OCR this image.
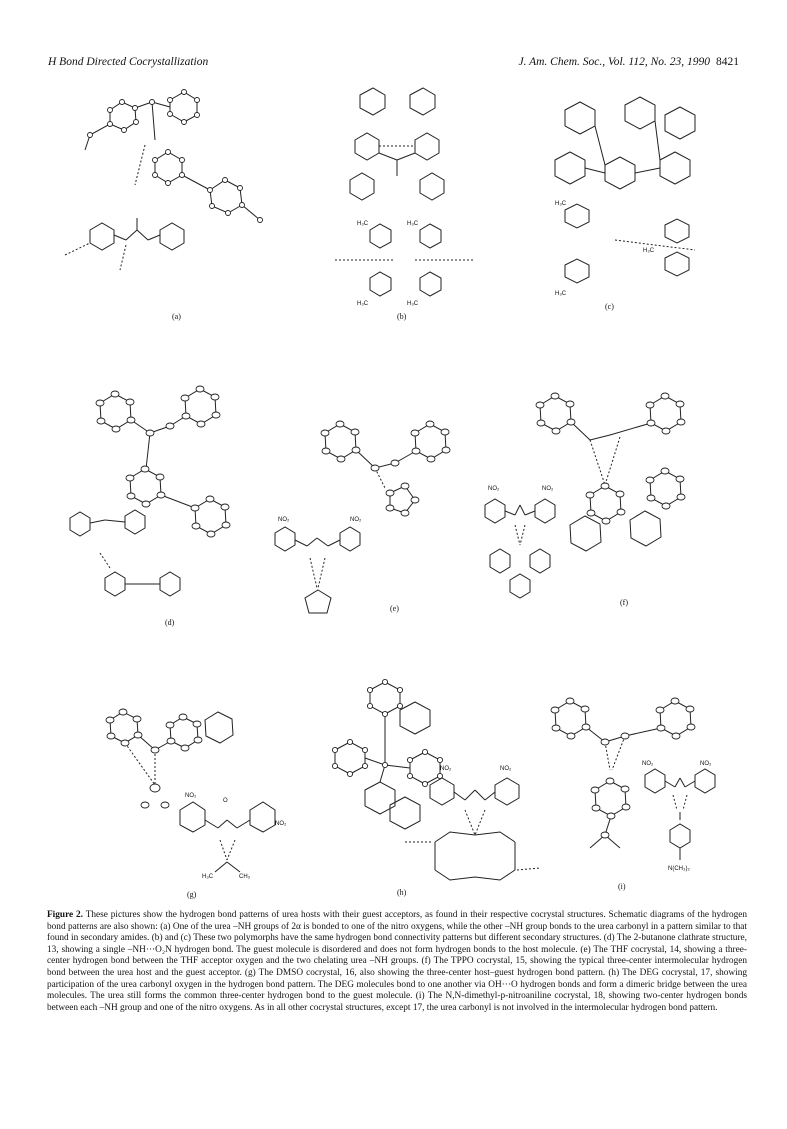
H Bond Directed Cocrystallization	J. Am. Chem. Soc., Vol. 112, No. 23, 1990 8421
(a)
H₃C	H₃C
H₃C	H₃C
(b)
H₃C
H₃C
H₃C
(c)
(d)
NO₂	NO₂
(e)
NO₂	NO₂
(f)
NO₂
NO₂
O
H₃C	CH₃
(g)
NO₂	NO₂
(h)
NO₂	NO₂
N(CH₃)₂
(i)
Figure 2. These pictures show the hydrogen bond patterns of urea hosts with their guest acceptors, as found in their respective cocrystal structures. Schematic diagrams of the hydrogen bond patterns are also shown: (a) One of the urea –NH groups of 2α is bonded to one of the nitro oxygens, while the other –NH group bonds to the urea carbonyl in a pattern similar to that found in secondary amides. (b) and (c) These two polymorphs have the same hydrogen bond connectivity patterns but different secondary structures. (d) The 2-butanone clathrate structure, 13, showing a single –NH···O₂N hydrogen bond. The guest molecule is disordered and does not form hydrogen bonds to the host molecule. (e) The THF cocrystal, 14, showing a three-center hydrogen bond between the THF acceptor oxygen and the two chelating urea –NH groups. (f) The TPPO cocrystal, 15, showing the typical three-center intermolecular hydrogen bond between the urea host and the guest acceptor. (g) The DMSO cocrystal, 16, also showing the three-center host–guest hydrogen bond pattern. (h) The DEG cocrystal, 17, showing participation of the urea carbonyl oxygen in the hydrogen bond pattern. The DEG molecules bond to one another via OH···O hydrogen bonds and form a dimeric bridge between the urea molecules. The urea still forms the common three-center hydrogen bond to the guest molecule. (i) The N,N-dimethyl-p-nitroaniline cocrystal, 18, showing two-center hydrogen bonds between each –NH group and one of the nitro oxygens. As in all other cocrystal structures, except 17, the urea carbonyl is not involved in the intermolecular hydrogen bond pattern.
